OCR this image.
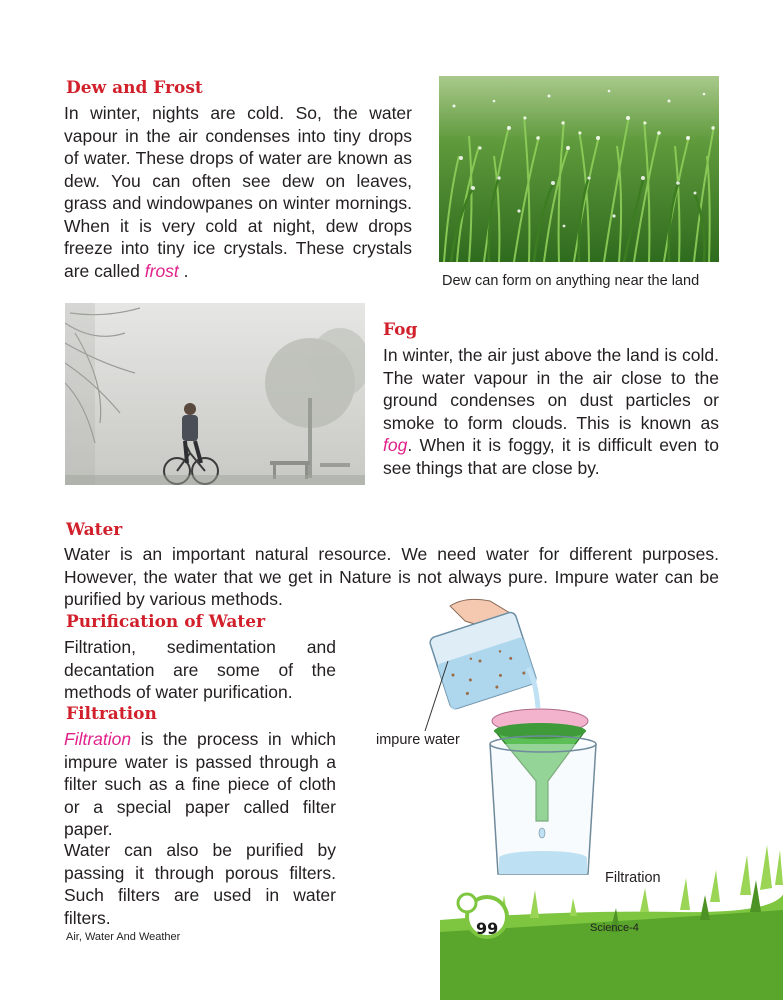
Dew and Frost

In winter, nights are cold. So, the water vapour in the air condenses into tiny drops of water. These drops of water are known as dew. You can often see dew on leaves, grass and windowpanes on winter mornings. When it is very cold at night, dew drops freeze into tiny ice crystals. These crystals are called frost .

Dew can form on anything near the land
Fog

In winter, the air just above the land is cold. The water vapour in the air close to the ground condenses on dust particles or smoke to form clouds. This is known as fog. When it is foggy, it is difficult even to see things that are close by.

Water

Water is an important natural resource. We need water for different purposes. However, the water that we get in Nature is not always pure. Impure water can be purified by various methods.

Purification of Water

Filtration, sedimentation and decantation are some of the methods of water purification.

Filtration

Filtration is the process in which impure water is passed through a filter such as a fine piece of cloth or a special paper called filter paper.

Water can also be purified by passing it through porous filters. Such filters are used in water filters.

impure water
Filtration
Air, Water And Weather	99	Science-4
